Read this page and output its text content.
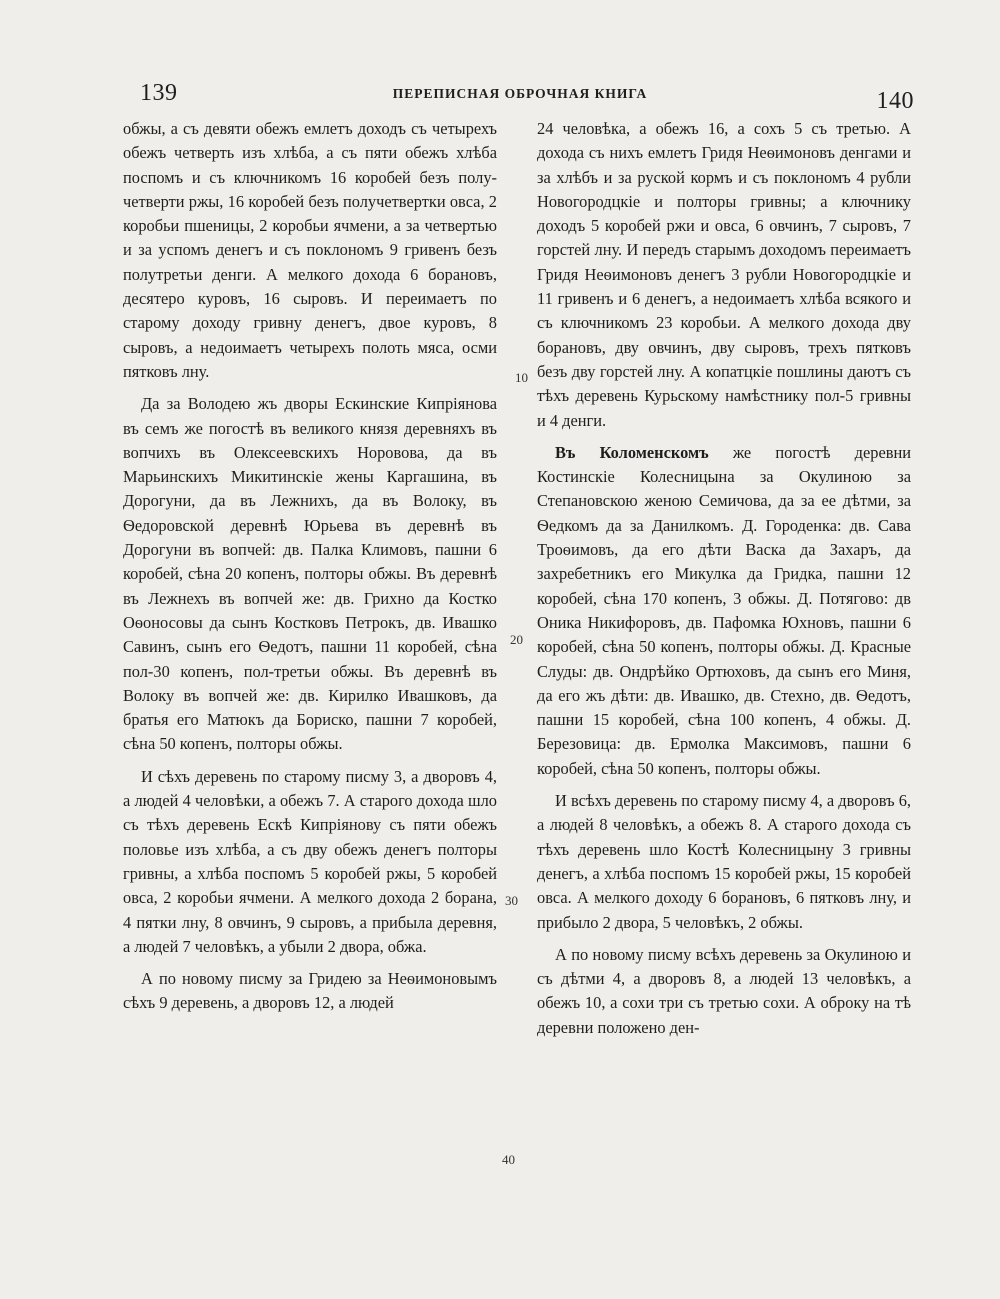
139	ПЕРЕПИСНАЯ ОБРОЧНАЯ КНИГА	140

обжы, а съ девяти обежъ емлетъ доходъ съ четырехъ обежъ четверть изъ хлѣба, а съ пяти обежъ хлѣба поспомъ и съ ключникомъ 16 коробей безъ полу-четверти ржы, 16 коробей безъ получетвертки овса, 2 коробьи пшеницы, 2 коробьи ячмени, а за четвертью и за успомъ денегъ и съ поклономъ 9 гривенъ безъ полутретьи денги. А мелкого дохода 6 борановъ, десятеро куровъ, 16 сыровъ. И переимаетъ по старому доходу гривну денегъ, двое куровъ, 8 сыровъ, а недоимаетъ четырехъ полоть мяса, осми пятковъ лну.

Да за Володею жъ дворы Ескинские Кипріянова въ семъ же погостѣ въ великого князя деревняхъ въ вопчихъ въ Олексеевскихъ Норовова, да въ Марьинскихъ Микитинскіе жены Каргашина, въ Дорогуни, да въ Лежнихъ, да въ Волоку, въ Ѳедоровской деревнѣ Юрьева въ деревнѣ въ Дорогуни въ вопчей: дв. Палка Климовъ, пашни 6 коробей, сѣна 20 копенъ, полторы обжы. Въ деревнѣ въ Лежнехъ въ вопчей же: дв. Грихно да Костко Оѳоносовы да сынъ Костковъ Петрокъ, дв. Ивашко Савинъ, сынъ его Ѳедотъ, пашни 11 коробей, сѣна пол-30 копенъ, пол-третьи обжы. Въ деревнѣ въ Волоку въ вопчей же: дв. Кирилко Ивашковъ, да братья его Матюкъ да Бориско, пашни 7 коробей, сѣна 50 копенъ, полторы обжы.

И сѣхъ деревень по старому писму 3, а дворовъ 4, а людей 4 человѣки, а обежъ 7. А старого дохода шло съ тѣхъ деревень Ескѣ Кипріянову съ пяти обежъ половье изъ хлѣба, а съ дву обежъ денегъ полторы гривны, а хлѣба поспомъ 5 коробей ржы, 5 коробей овса, 2 коробьи ячмени. А мелкого дохода 2 борана, 4 пятки лну, 8 овчинъ, 9 сыровъ, а прибыла деревня, а людей 7 человѣкъ, а убыли 2 двора, обжа.

А по новому писму за Гридею за Неѳимоновымъ сѣхъ 9 деревень, а дворовъ 12, а людей

24 человѣка, а обежъ 16, а сохъ 5 съ третью. А дохода съ нихъ емлетъ Гридя Неѳимоновъ денгами и за хлѣбъ и за руской кормъ и съ поклономъ 4 рубли Новогородцкіе и полторы гривны; а ключнику доходъ 5 коробей ржи и овса, 6 овчинъ, 7 сыровъ, 7 горстей лну. И передъ старымъ доходомъ переимаетъ Гридя Неѳимоновъ денегъ 3 рубли Новогородцкіе и 11 гривенъ и 6 денегъ, а недоимаетъ хлѣба всякого и съ ключникомъ 23 коробьи. А мелкого дохода дву борановъ, дву овчинъ, дву сыровъ, трехъ пятковъ безъ дву горстей лну. А копатцкіе пошлины даютъ съ тѣхъ деревень Курьскому намѣстнику пол-5 гривны и 4 денги.

Въ Коломенскомъ же погостѣ деревни Костинскіе Колесницына за Окулиною за Степановскою женою Семичова, да за ее дѣтми, за Ѳедкомъ да за Данилкомъ. Д. Городенка: дв. Сава Троѳимовъ, да его дѣти Васка да Захаръ, да захребетникъ его Микулка да Гридка, пашни 12 коробей, сѣна 170 копенъ, 3 обжы. Д. Потягово: дв Оника Никифоровъ, дв. Пафомка Юхновъ, пашни 6 коробей, сѣна 50 копенъ, полторы обжы. Д. Красные Слуды: дв. Ондрѣйко Ортюховъ, да сынъ его Миня, да его жъ дѣти: дв. Ивашко, дв. Стехно, дв. Ѳедотъ, пашни 15 коробей, сѣна 100 копенъ, 4 обжы. Д. Березовица: дв. Ермолка Максимовъ, пашни 6 коробей, сѣна 50 копенъ, полторы обжы.

И всѣхъ деревень по старому писму 4, а дворовъ 6, а людей 8 человѣкъ, а обежъ 8. А старого дохода съ тѣхъ деревень шло Костѣ Колесницыну 3 гривны денегъ, а хлѣба поспомъ 15 коробей ржы, 15 коробей овса. А мелкого доходу 6 борановъ, 6 пятковъ лну, и прибыло 2 двора, 5 человѣкъ, 2 обжы.

А по новому писму всѣхъ деревень за Окулиною и съ дѣтми 4, а дворовъ 8, а людей 13 человѣкъ, а обежъ 10, а сохи три съ третью сохи. А оброку на тѣ деревни положено ден-

10
20
30
40
